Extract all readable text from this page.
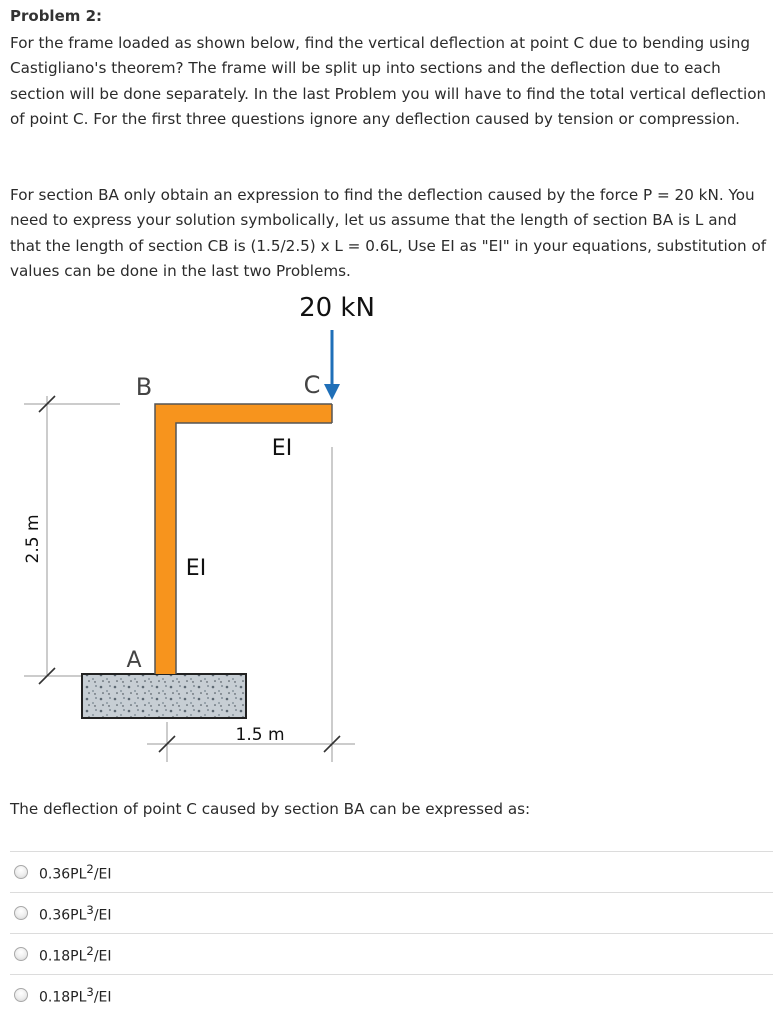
Problem 2:

For the frame loaded as shown below, find the vertical deflection at point C due to bending using Castigliano's theorem? The frame will be split up into sections and the deflection due to each section will be done separately. In the last Problem you will have to find the total vertical deflection of point C. For the first three questions ignore any deflection caused by tension or compression.

For section BA only obtain an expression to find the deflection caused by the force P = 20 kN. You need to express your solution symbolically, let us assume that the length of section BA is L and that the length of section CB is (1.5/2.5) x L = 0.6L, Use EI as "EI" in your equations, substitution of values can be done in the last two Problems.

2.5 m
B	C
A
EI
EI
20 kN
1.5 m
The deflection of point C caused by section BA can be expressed as:
$0.36PL^2/EI$
$0.36PL^3/EI$
$0.18PL^2/EI$
$0.18PL^3/EI$
